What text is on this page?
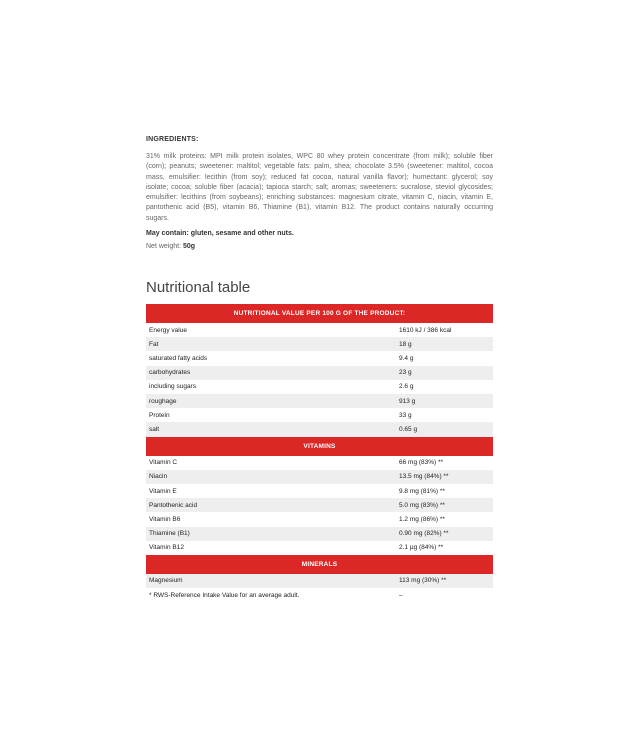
INGREDIENTS:
31% milk proteins: MPI milk protein isolates, WPC 80 whey protein concentrate (from milk); soluble fiber
(corn); peanuts; sweetener: maltitol; vegetable fats: palm, shea; chocolate 3.5% (sweetener: maltitol, cocoa
mass, emulsifier: lecithin (from soy); reduced fat cocoa, natural vanilla flavor); humectant: glycerol; soy
isolate; cocoa; soluble fiber (acacia); tapioca starch; salt; aromas; sweeteners: sucralose, steviol glycosides;
emulsifier: lecithins (from soybeans); enriching substances: magnesium citrate, vitamin C, niacin, vitamin E,
pantothenic acid (B5), vitamin B6, Thiamine (B1), vitamin B12. The product contains naturally occurring
sugars.
May contain: gluten, sesame and other nuts.
Net weight: 50g
Nutritional table
NUTRITIONAL VALUE PER 100 G OF THE PRODUCT:	
Energy value	1610 kJ / 386 kcal
Fat	18 g
saturated fatty acids	9.4 g
carbohydrates	23 g
including sugars	2.6 g
roughage	913 g
Protein	33 g
salt	0.65 g
VITAMINS	
Vitamin C	66 mg (83%) **
Niacin	13.5 mg (84%) **
Vitamin E	9.8 mg (81%) **
Pantothenic acid	5.0 mg (83%) **
Vitamin B6	1.2 mg (86%) **
Thiamine (B1)	0.90 mg (82%) **
Vitamin B12	2.1 µg (84%) **
MINERALS	
Magnesium	113 mg (30%) **
* RWS-Reference Intake Value for an average adult.	–
